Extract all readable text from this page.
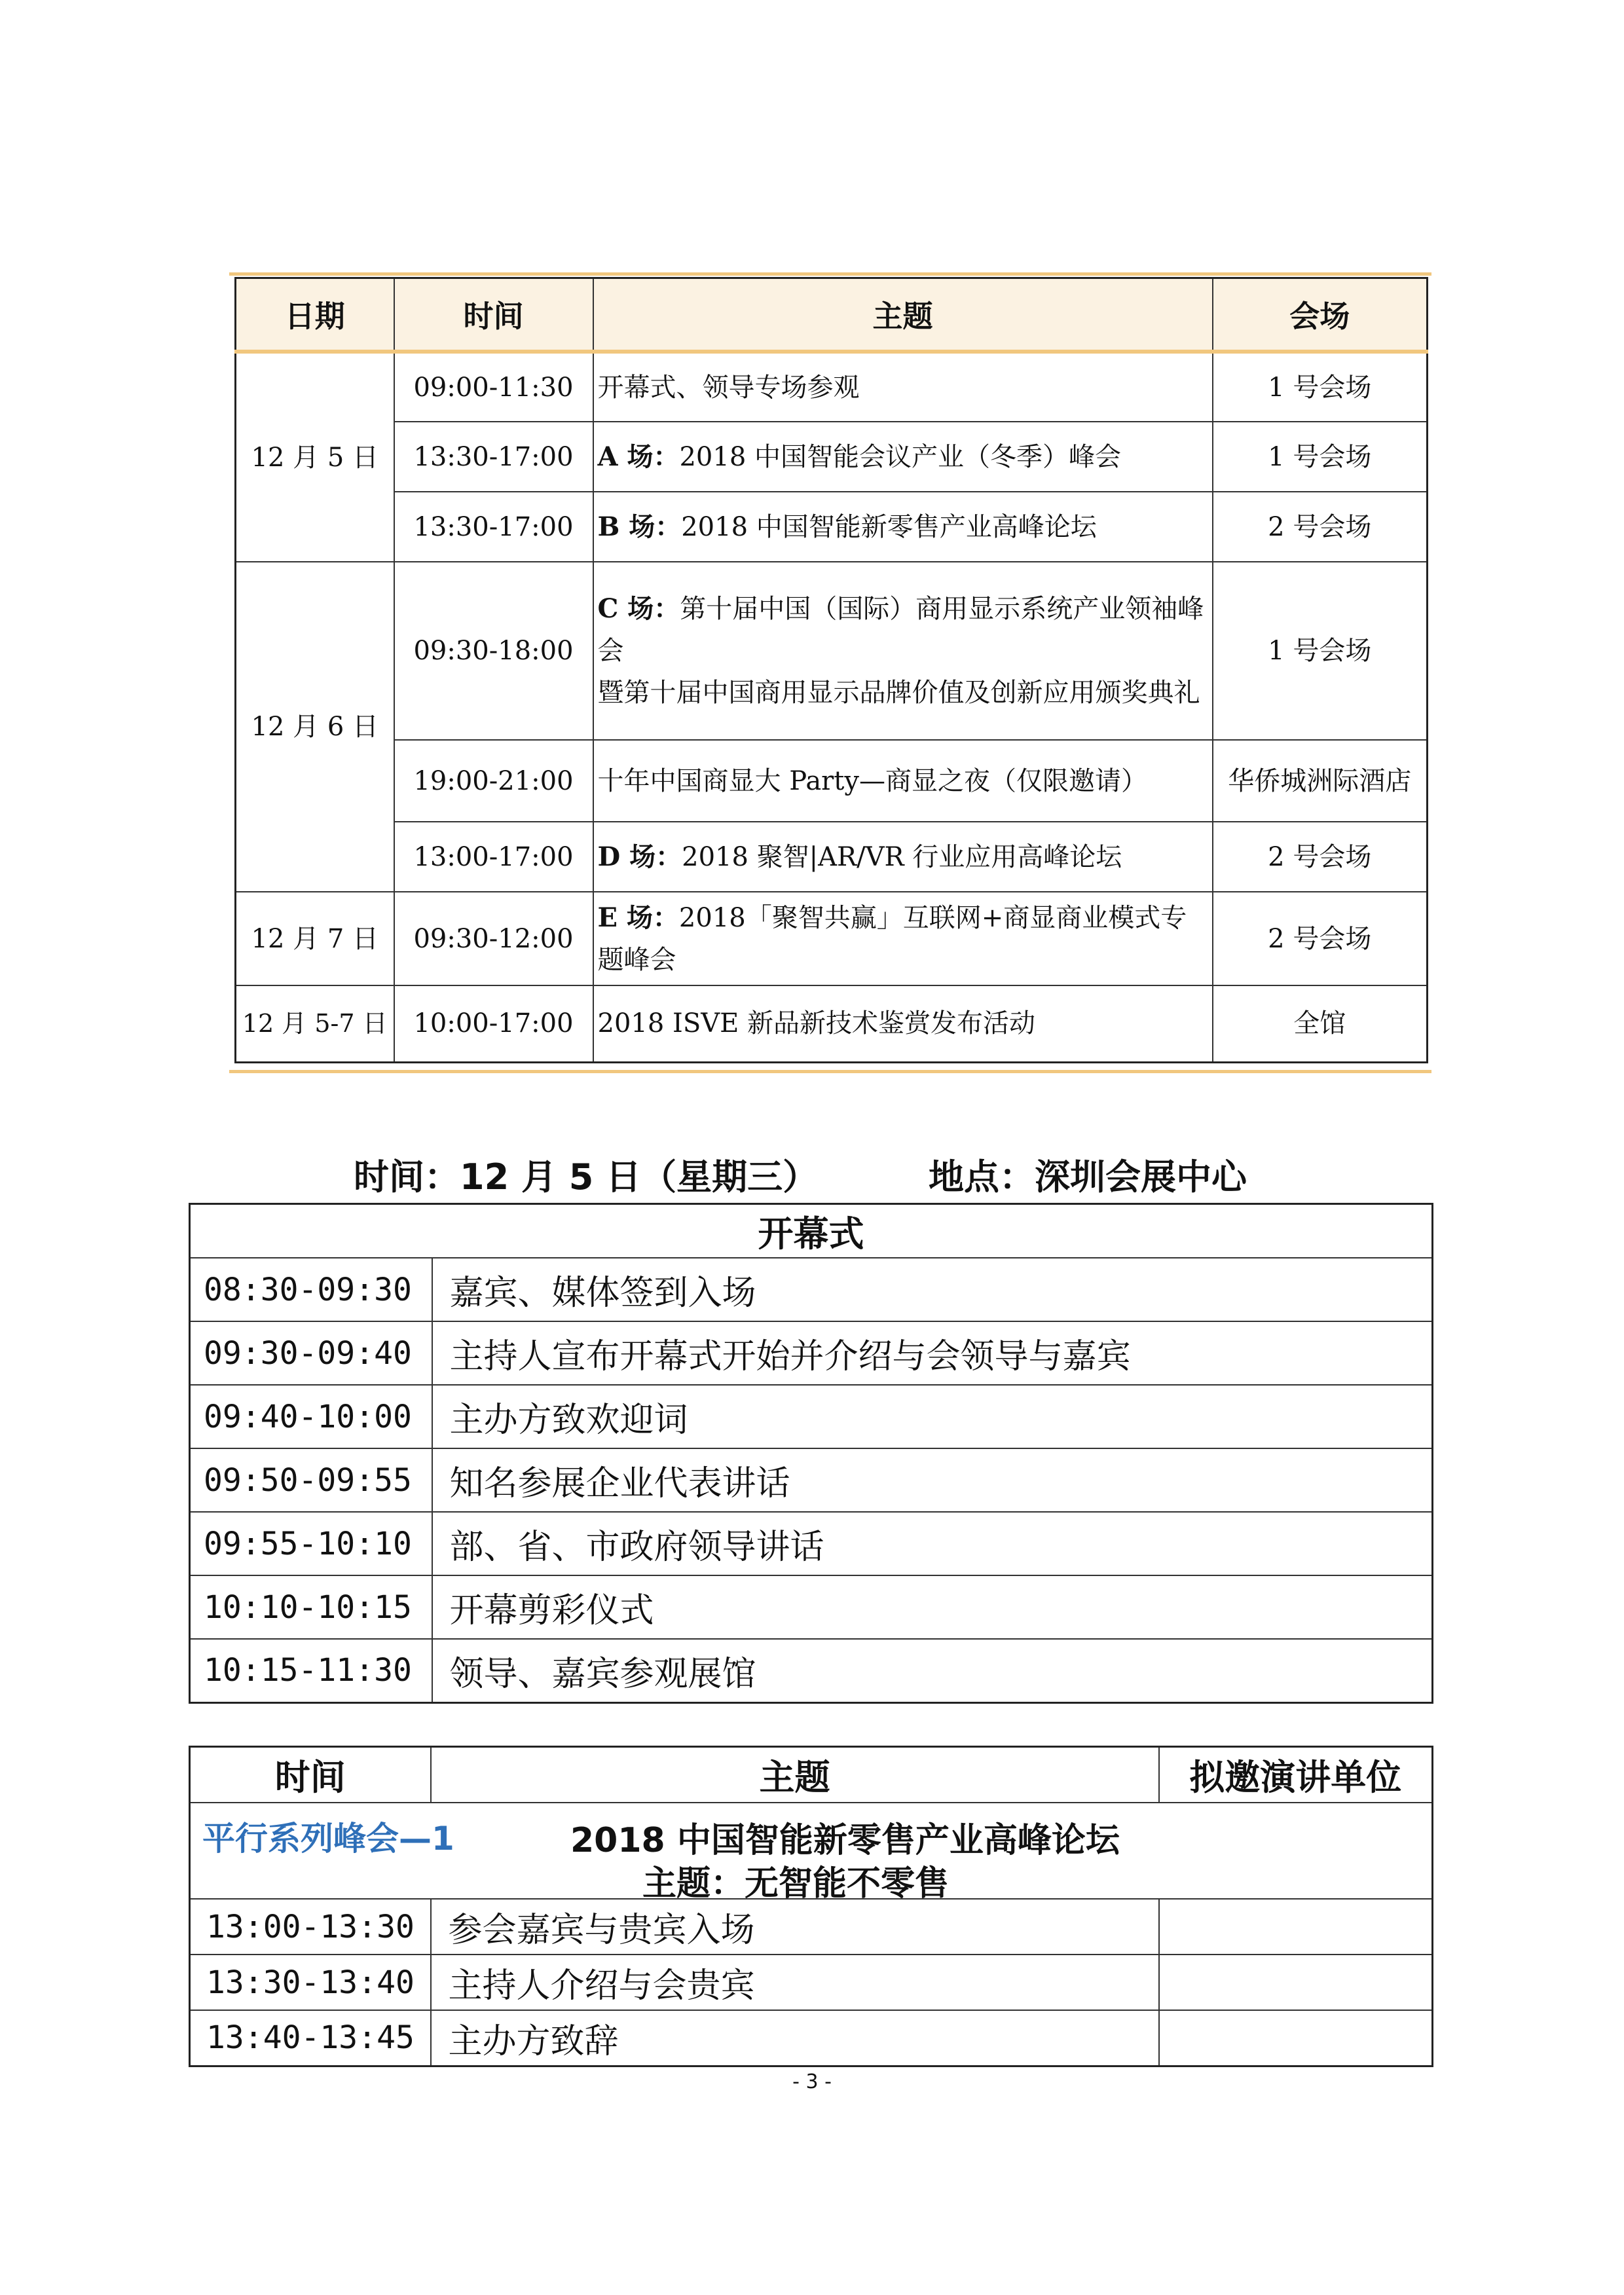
日期	时间	主题	会场
12 月 5 日	09:00-11:30	开幕式、领导专场参观	1 号会场
	13:30-17:00	A 场：2018 中国智能会议产业（冬季）峰会	1 号会场
	13:30-17:00	B 场：2018 中国智能新零售产业高峰论坛	2 号会场
12 月 6 日	09:30-18:00	C 场：第十届中国（国际）商用显示系统产业领袖峰会
暨第十届中国商用显示品牌价值及创新应用颁奖典礼	1 号会场
	19:00-21:00	十年中国商显大 Party—商显之夜（仅限邀请）	华侨城洲际酒店
	13:00-17:00	D 场：2018 聚智|AR/VR 行业应用高峰论坛	2 号会场
12 月 7 日	09:30-12:00	E 场：2018「聚智共赢」互联网+商显商业模式专题峰会	2 号会场
12 月 5-7 日	10:00-17:00	2018 ISVE 新品新技术鉴赏发布活动	全馆
时间：12 月 5 日（星期三）	地点：深圳会展中心
开幕式	
08:30-09:30	嘉宾、媒体签到入场
09:30-09:40	主持人宣布开幕式开始并介绍与会领导与嘉宾
09:40-10:00	主办方致欢迎词
09:50-09:55	知名参展企业代表讲话
09:55-10:10	部、省、市政府领导讲话
10:10-10:15	开幕剪彩仪式
10:15-11:30	领导、嘉宾参观展馆
时间	主题	拟邀演讲单位

平行系列峰会—1 2018 中国智能新零售产业高峰论坛
主题：无智能不零售		

13:00-13:30	参会嘉宾与贵宾入场	
13:30-13:40	主持人介绍与会贵宾	
13:40-13:45	主办方致辞	
- 3 -
